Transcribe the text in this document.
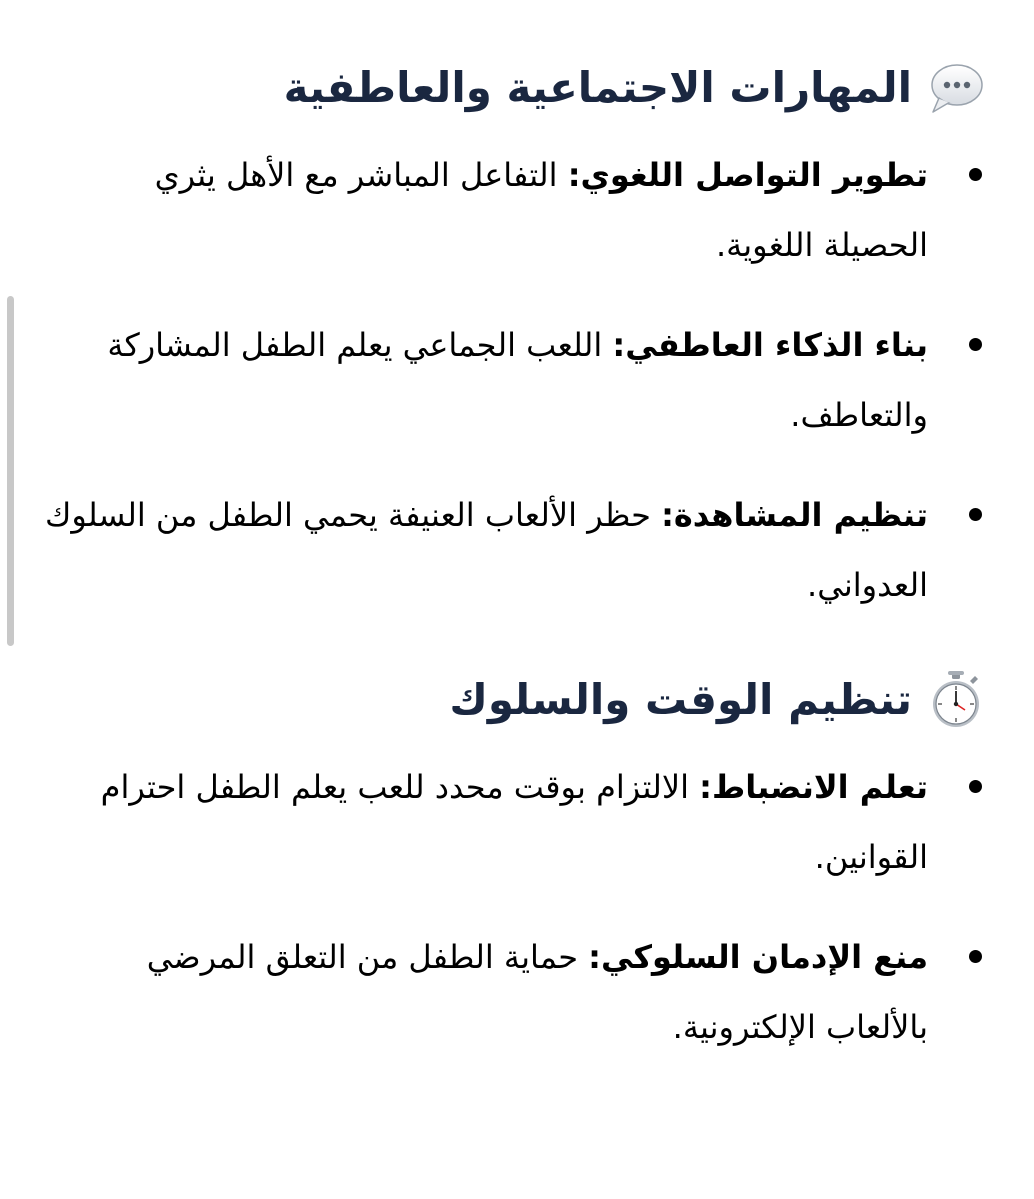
المهارات الاجتماعية والعاطفية
تطوير التواصل اللغوي: التفاعل المباشر مع الأهل يثري الحصيلة اللغوية.
بناء الذكاء العاطفي: اللعب الجماعي يعلم الطفل المشاركة والتعاطف.
تنظيم المشاهدة: حظر الألعاب العنيفة يحمي الطفل من السلوك العدواني.
تنظيم الوقت والسلوك
تعلم الانضباط: الالتزام بوقت محدد للعب يعلم الطفل احترام القوانين.
منع الإدمان السلوكي: حماية الطفل من التعلق المرضي بالألعاب الإلكترونية.
